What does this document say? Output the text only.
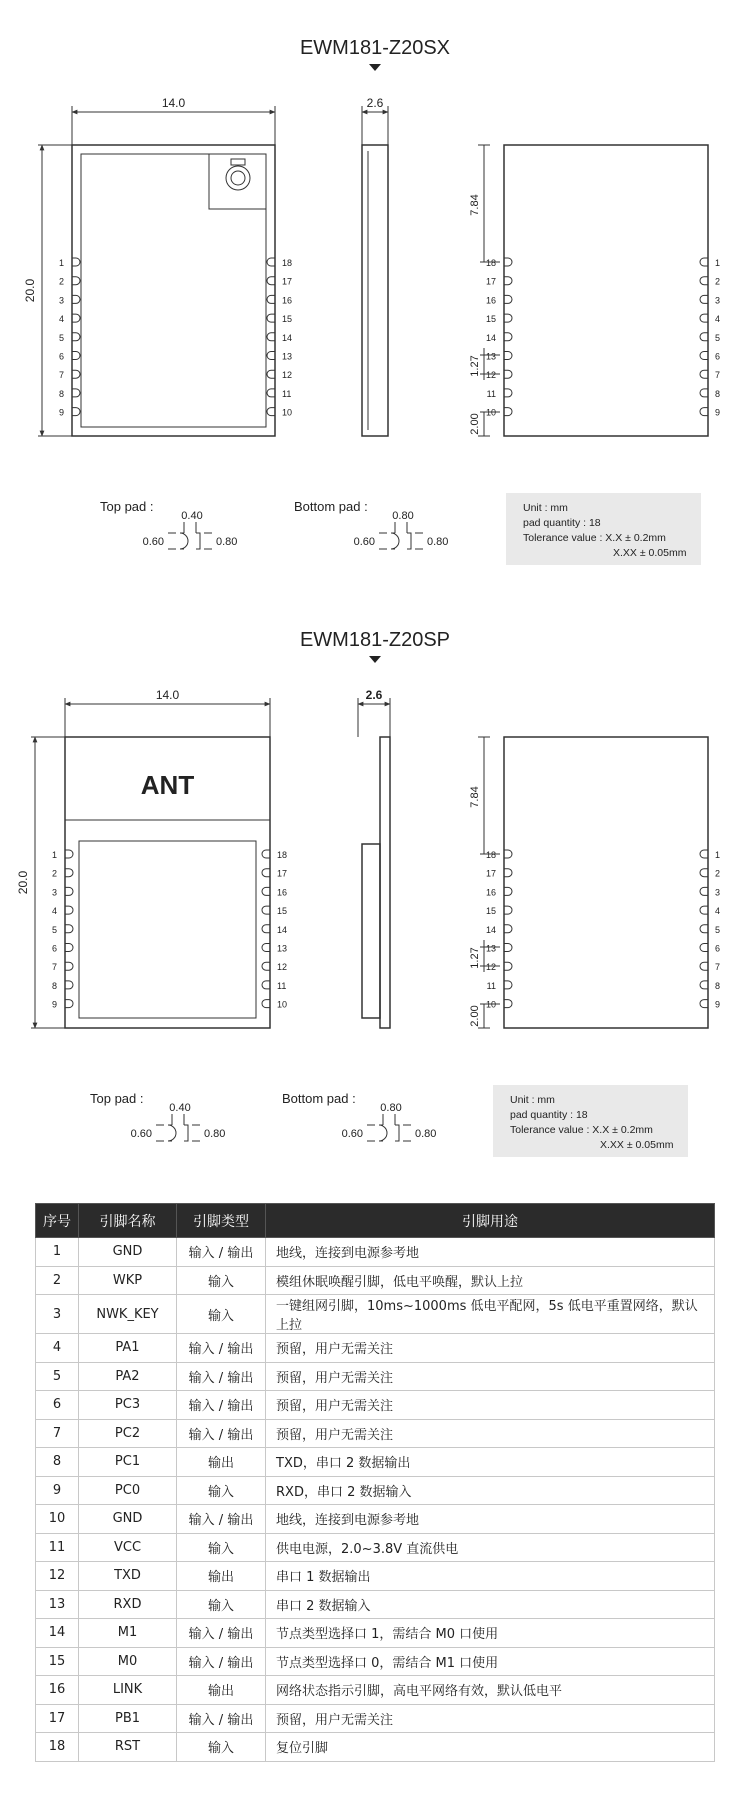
EWM181-Z20SX
14.0
20.0
1	18
2	17
3	16
4	15
5	14
6	13
7	12
8	11
9	10
2.6
18	1
17	2
16	3
15	4
14	5
13	6
12	7
11	8
10	9
7.84
1.27
2.00
Top pad :	Bottom pad :
0.40
0.60	0.80
0.80
0.60	0.80
Unit : mm
pad quantity : 18
Tolerance value : X.X ± 0.2mm
X.XX ± 0.05mm
EWM181-Z20SP
ANT
14.0
20.0
1	18
2	17
3	16
4	15
5	14
6	13
7	12
8	11
9	10
2.6
18	1
17	2
16	3
15	4
14	5
13	6
12	7
11	8
10	9
7.84
1.27
2.00
Top pad :	Bottom pad :
0.40
0.60	0.80
0.80
0.60	0.80
Unit : mm
pad quantity : 18
Tolerance value : X.X ± 0.2mm
X.XX ± 0.05mm
序号	引脚名称	引脚类型	引脚用途
1	GND	输入 / 输出	地线，连接到电源参考地
2	WKP	输入	模组休眠唤醒引脚，低电平唤醒，默认上拉
3	NWK_KEY	输入	一键组网引脚，10ms~1000ms 低电平配网，5s 低电平重置网络，默认上拉
4	PA1	输入 / 输出	预留，用户无需关注
5	PA2	输入 / 输出	预留，用户无需关注
6	PC3	输入 / 输出	预留，用户无需关注
7	PC2	输入 / 输出	预留，用户无需关注
8	PC1	输出	TXD，串口 2 数据输出
9	PC0	输入	RXD，串口 2 数据输入
10	GND	输入 / 输出	地线，连接到电源参考地
11	VCC	输入	供电电源，2.0~3.8V 直流供电
12	TXD	输出	串口 1 数据输出
13	RXD	输入	串口 2 数据输入
14	M1	输入 / 输出	节点类型选择口 1，需结合 M0 口使用
15	M0	输入 / 输出	节点类型选择口 0，需结合 M1 口使用
16	LINK	输出	网络状态指示引脚，高电平网络有效，默认低电平
17	PB1	输入 / 输出	预留，用户无需关注
18	RST	输入	复位引脚
